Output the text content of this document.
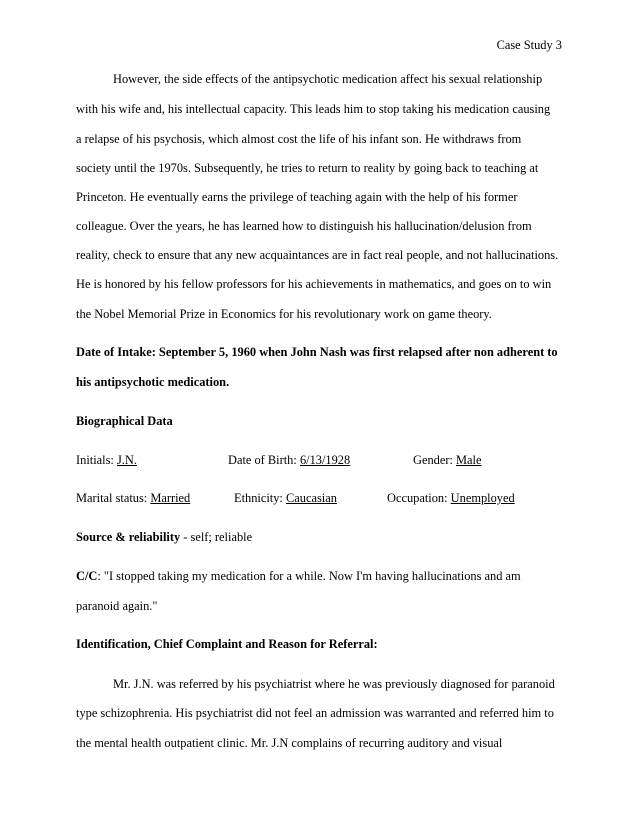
Case Study 3
However, the side effects of the antipsychotic medication affect his sexual relationship
with his wife and, his intellectual capacity. This leads him to stop taking his medication causing
a relapse of his psychosis, which almost cost the life of his infant son. He withdraws from
society until the 1970s. Subsequently, he tries to return to reality by going back to teaching at
Princeton. He eventually earns the privilege of teaching again with the help of his former
colleague. Over the years, he has learned how to distinguish his hallucination/delusion from
reality, check to ensure that any new acquaintances are in fact real people, and not hallucinations.
He is honored by his fellow professors for his achievements in mathematics, and goes on to win
the Nobel Memorial Prize in Economics for his revolutionary work on game theory.
Date of Intake: September 5, 1960 when John Nash was first relapsed after non adherent to
his antipsychotic medication.
Biographical Data
Initials: J.N.	Date of Birth: 6/13/1928	Gender: Male
Marital status: Married	Ethnicity: Caucasian	Occupation: Unemployed
Source & reliability - self; reliable
C/C: "I stopped taking my medication for a while. Now I'm having hallucinations and am
paranoid again."
Identification, Chief Complaint and Reason for Referral:
Mr. J.N. was referred by his psychiatrist where he was previously diagnosed for paranoid
type schizophrenia. His psychiatrist did not feel an admission was warranted and referred him to
the mental health outpatient clinic. Mr. J.N complains of recurring auditory and visual
